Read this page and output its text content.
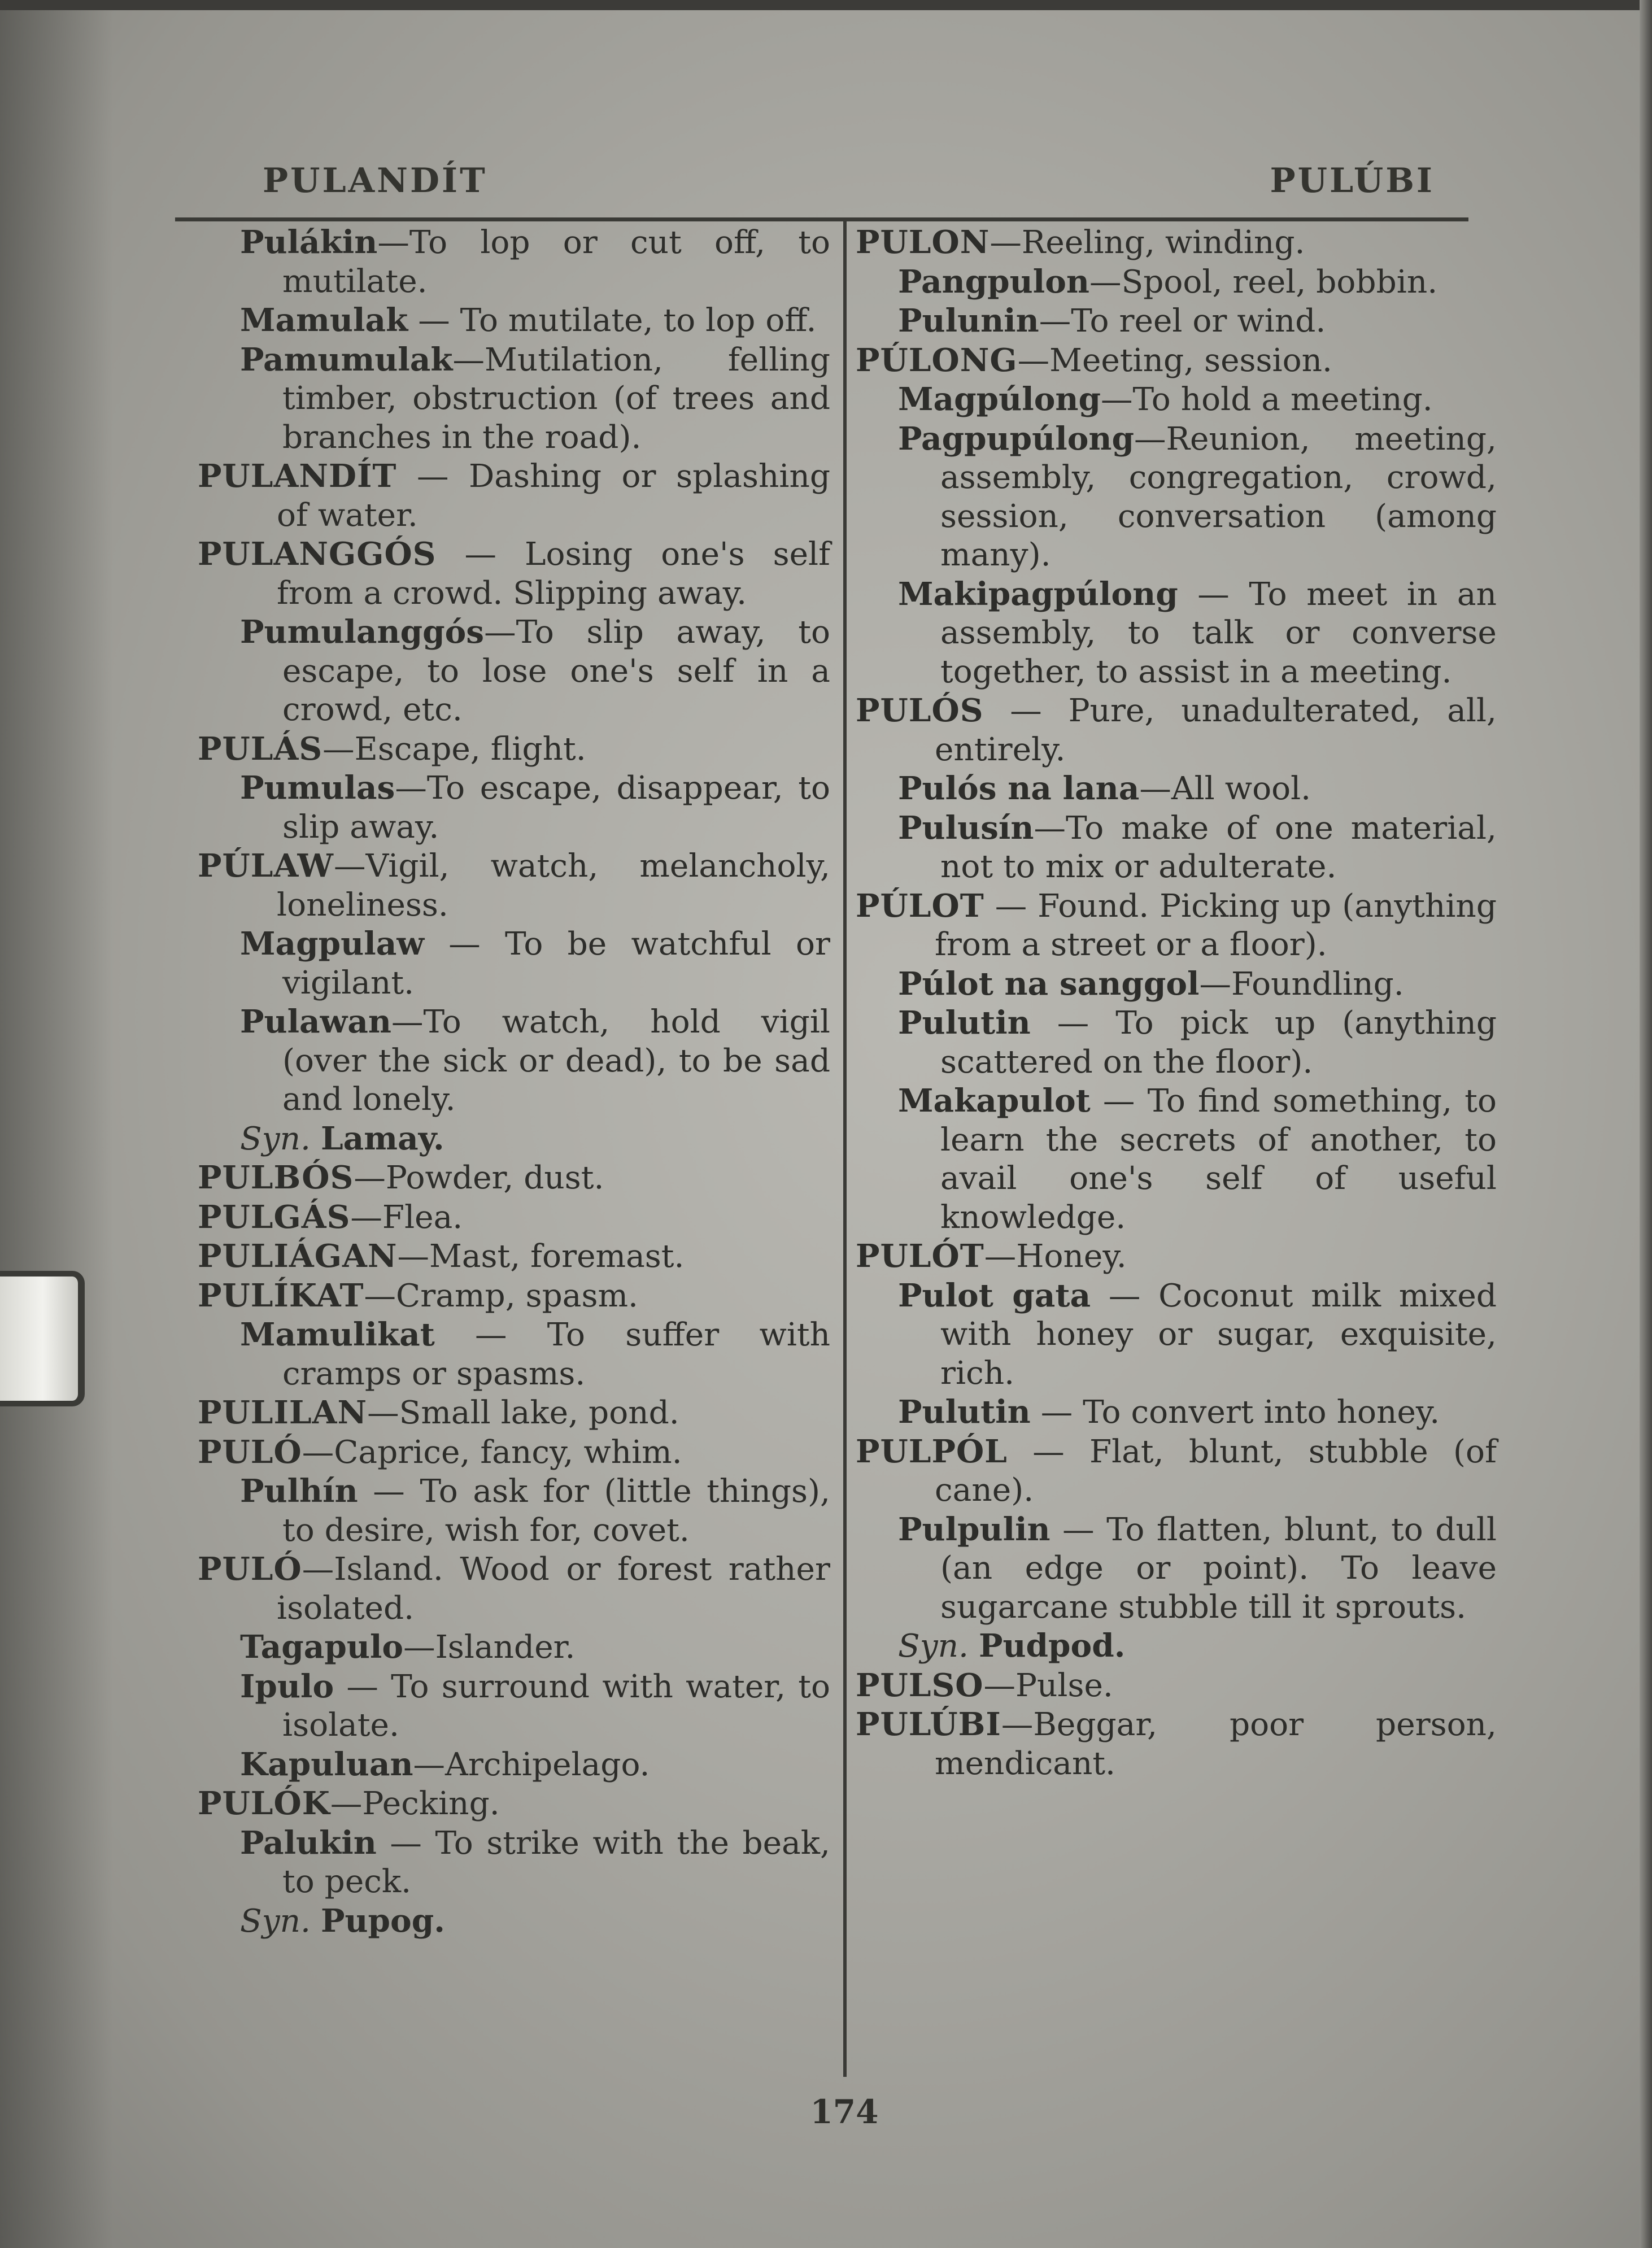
PULANDÍT	PULÚBI

Pulákin—To lop or cut off, to mutilate.

Mamulak — To mutilate, to lop off.

Pamumulak—Mutilation, felling timber, obstruction (of trees and branches in the road).

PULANDÍT — Dashing or splashing of water.

PULANGGÓS — Losing one's self from a crowd. Slipping away.

Pumulanggós—To slip away, to escape, to lose one's self in a crowd, etc.

PULÁS—Escape, flight.

Pumulas—To escape, disappear, to slip away.

PÚLAW—Vigil, watch, melancholy, loneliness.

Magpulaw — To be watchful or vigilant.

Pulawan—To watch, hold vigil (over the sick or dead), to be sad and lonely.

Syn. Lamay.

PULBÓS—Powder, dust.

PULGÁS—Flea.

PULIÁGAN—Mast, foremast.

PULÍKAT—Cramp, spasm.

Mamulikat — To suffer with cramps or spasms.

PULILAN—Small lake, pond.

PULÓ—Caprice, fancy, whim.

Pulhín — To ask for (little things), to desire, wish for, covet.

PULÓ—Island. Wood or forest rather isolated.

Tagapulo—Islander.

Ipulo — To surround with water, to isolate.

Kapuluan—Archipelago.

PULÓK—Pecking.

Palukin — To strike with the beak, to peck.

Syn. Pupog.

PULON—Reeling, winding.

Pangpulon—Spool, reel, bobbin.

Pulunin—To reel or wind.

PÚLONG—Meeting, session.

Magpúlong—To hold a meeting.

Pagpupúlong—Reunion, meeting, assembly, congregation, crowd, session, conversation (among many).

Makipagpúlong — To meet in an assembly, to talk or converse together, to assist in a meeting.

PULÓS — Pure, unadulterated, all, entirely.

Pulós na lana—All wool.

Pulusín—To make of one material, not to mix or adulterate.

PÚLOT — Found. Picking up (anything from a street or a floor).

Púlot na sanggol—Foundling.

Pulutin — To pick up (anything scattered on the floor).

Makapulot — To find something, to learn the secrets of another, to avail one's self of useful knowledge.

PULÓT—Honey.

Pulot gata — Coconut milk mixed with honey or sugar, exquisite, rich.

Pulutin — To convert into honey.

PULPÓL — Flat, blunt, stubble (of cane).

Pulpulin — To flatten, blunt, to dull (an edge or point). To leave sugarcane stubble till it sprouts.

Syn. Pudpod.

PULSO—Pulse.

PULÚBI—Beggar, poor person, mendicant.

174
